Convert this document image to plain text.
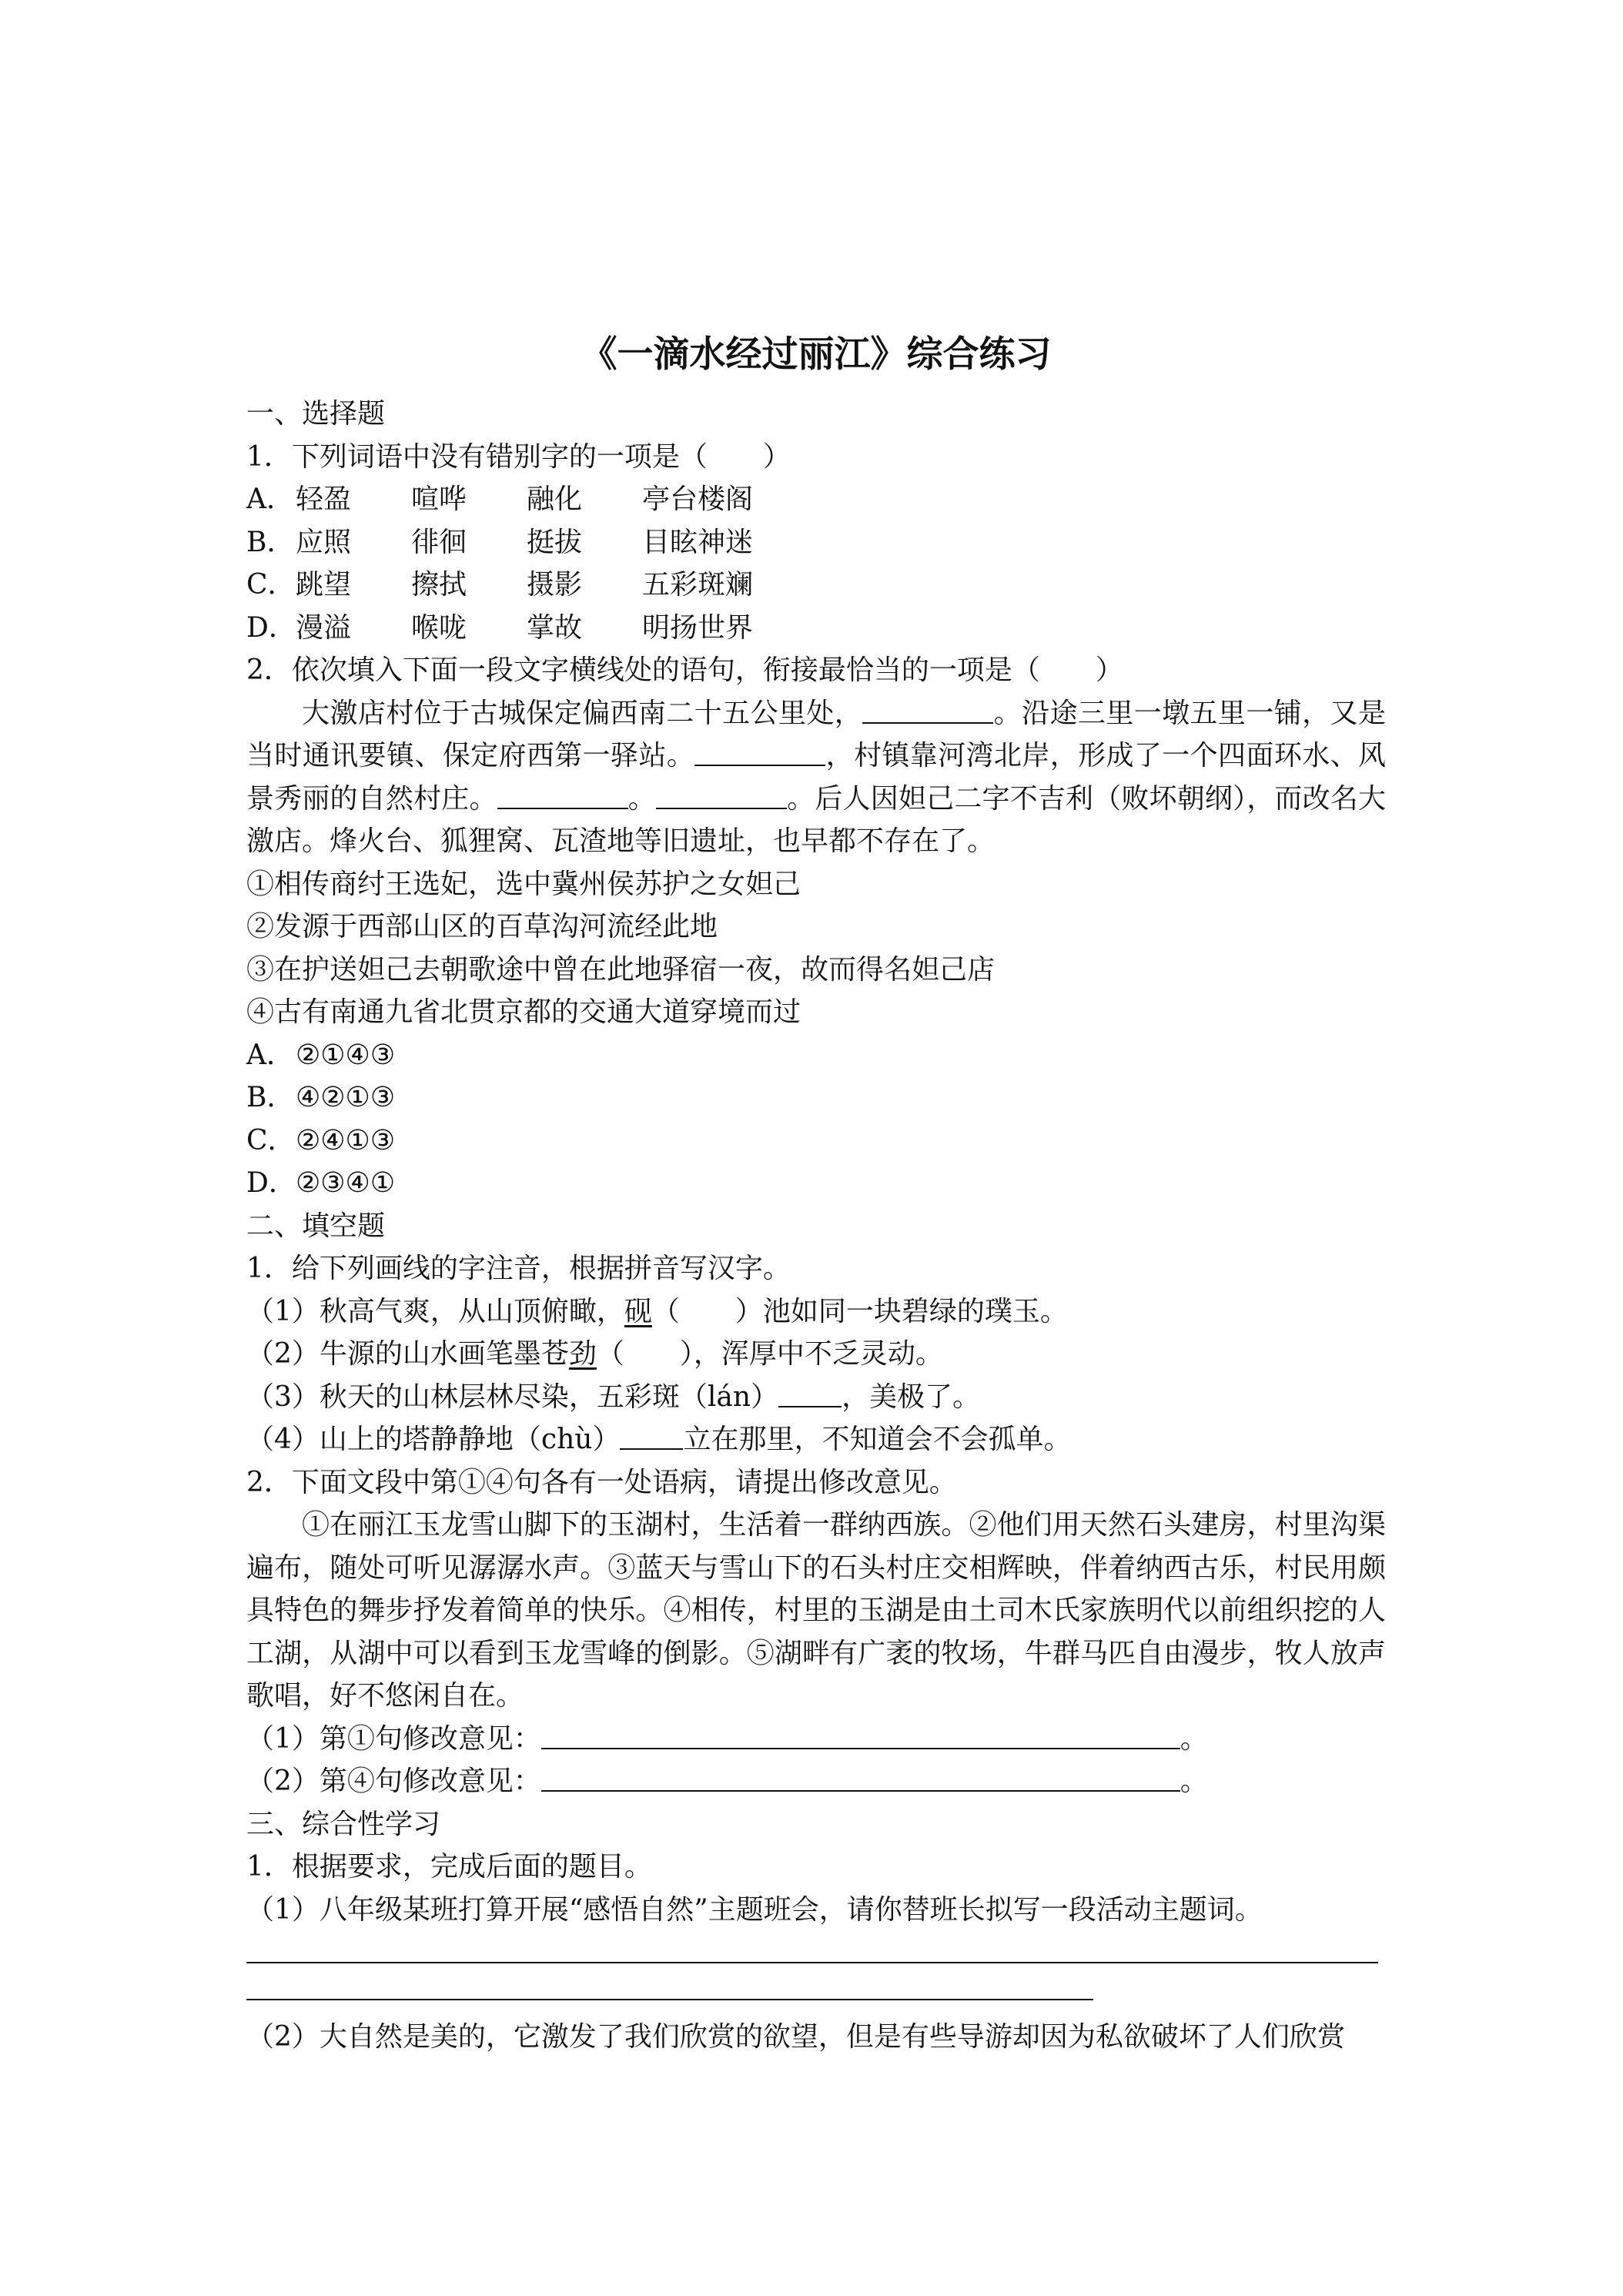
《一滴水经过丽江》综合练习
一、选择题
1．下列词语中没有错别字的一项是（　　）
A．轻盈 喧哗 融化 亭台楼阁
B．应照 徘徊 挺拔 目眩神迷
C．跳望 擦拭 摄影 五彩斑斓
D．漫溢 喉咙 掌故 明扬世界
2．依次填入下面一段文字横线处的语句，衔接最恰当的一项是（　　）
大激店村位于古城保定偏西南二十五公里处，	。沿途三里一墩五里一铺，又是当时通讯要镇、保定府西第一驿站。	，村镇靠河湾北岸，形成了一个四面环水、风景秀丽的自然村庄。	。	。后人因妲己二字不吉利（败坏朝纲），而改名大激店。烽火台、狐狸窝、瓦渣地等旧遗址，也早都不存在了。
①相传商纣王选妃，选中冀州侯苏护之女妲己
②发源于西部山区的百草沟河流经此地
③在护送妲己去朝歌途中曾在此地驿宿一夜，故而得名妲己店
④古有南通九省北贯京都的交通大道穿境而过
A．②①④③
B．④②①③
C．②④①③
D．②③④①
二、填空题
1．给下列画线的字注音，根据拼音写汉字。
（1）秋高气爽，从山顶俯瞰，砚（　　）池如同一块碧绿的璞玉。
（2）牛源的山水画笔墨苍劲（　　），浑厚中不乏灵动。
（3）秋天的山林层林尽染，五彩斑（lán） ，美极了。
（4）山上的塔静静地（chù） 立在那里，不知道会不会孤单。
2．下面文段中第①④句各有一处语病，请提出修改意见。
①在丽江玉龙雪山脚下的玉湖村，生活着一群纳西族。②他们用天然石头建房，村里沟渠遍布，随处可听见潺潺水声。③蓝天与雪山下的石头村庄交相辉映，伴着纳西古乐，村民用颇具特色的舞步抒发着简单的快乐。④相传，村里的玉湖是由土司木氏家族明代以前组织挖的人工湖，从湖中可以看到玉龙雪峰的倒影。⑤湖畔有广袤的牧场，牛群马匹自由漫步，牧人放声歌唱，好不悠闲自在。
（1）第①句修改意见：	。
（2）第④句修改意见：	。
三、综合性学习
1．根据要求，完成后面的题目。
（1）八年级某班打算开展“感悟自然”主题班会，请你替班长拟写一段活动主题词。
（2）大自然是美的，它激发了我们欣赏的欲望，但是有些导游却因为私欲破坏了人们欣赏
